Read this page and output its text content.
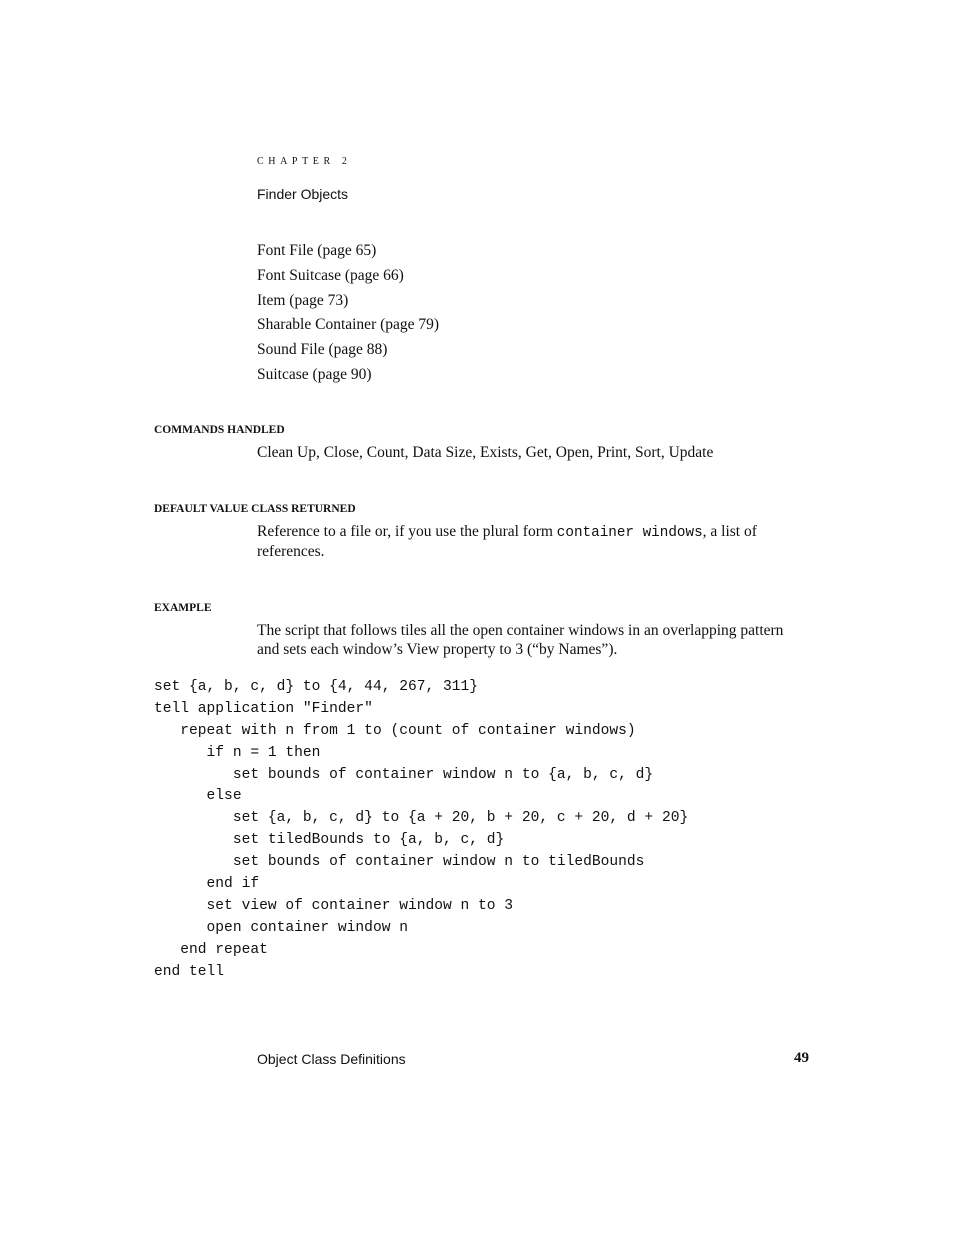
CHAPTER 2
Finder Objects
Font File (page 65)
Font Suitcase (page 66)
Item (page 73)
Sharable Container (page 79)
Sound File (page 88)
Suitcase (page 90)
COMMANDS HANDLED
Clean Up, Close, Count, Data Size, Exists, Get, Open, Print, Sort, Update
DEFAULT VALUE CLASS RETURNED
Reference to a file or, if you use the plural form container windows, a list of references.
EXAMPLE
The script that follows tiles all the open container windows in an overlapping pattern and sets each window’s View property to 3 (“by Names”).
set {a, b, c, d} to {4, 44, 267, 311}
tell application "Finder"
repeat with n from 1 to (count of container windows)
if n = 1 then
set bounds of container window n to {a, b, c, d}
else
set {a, b, c, d} to {a + 20, b + 20, c + 20, d + 20}
set tiledBounds to {a, b, c, d}
set bounds of container window n to tiledBounds
end if
set view of container window n to 3
open container window n
end repeat
end tell
Object Class Definitions	49
